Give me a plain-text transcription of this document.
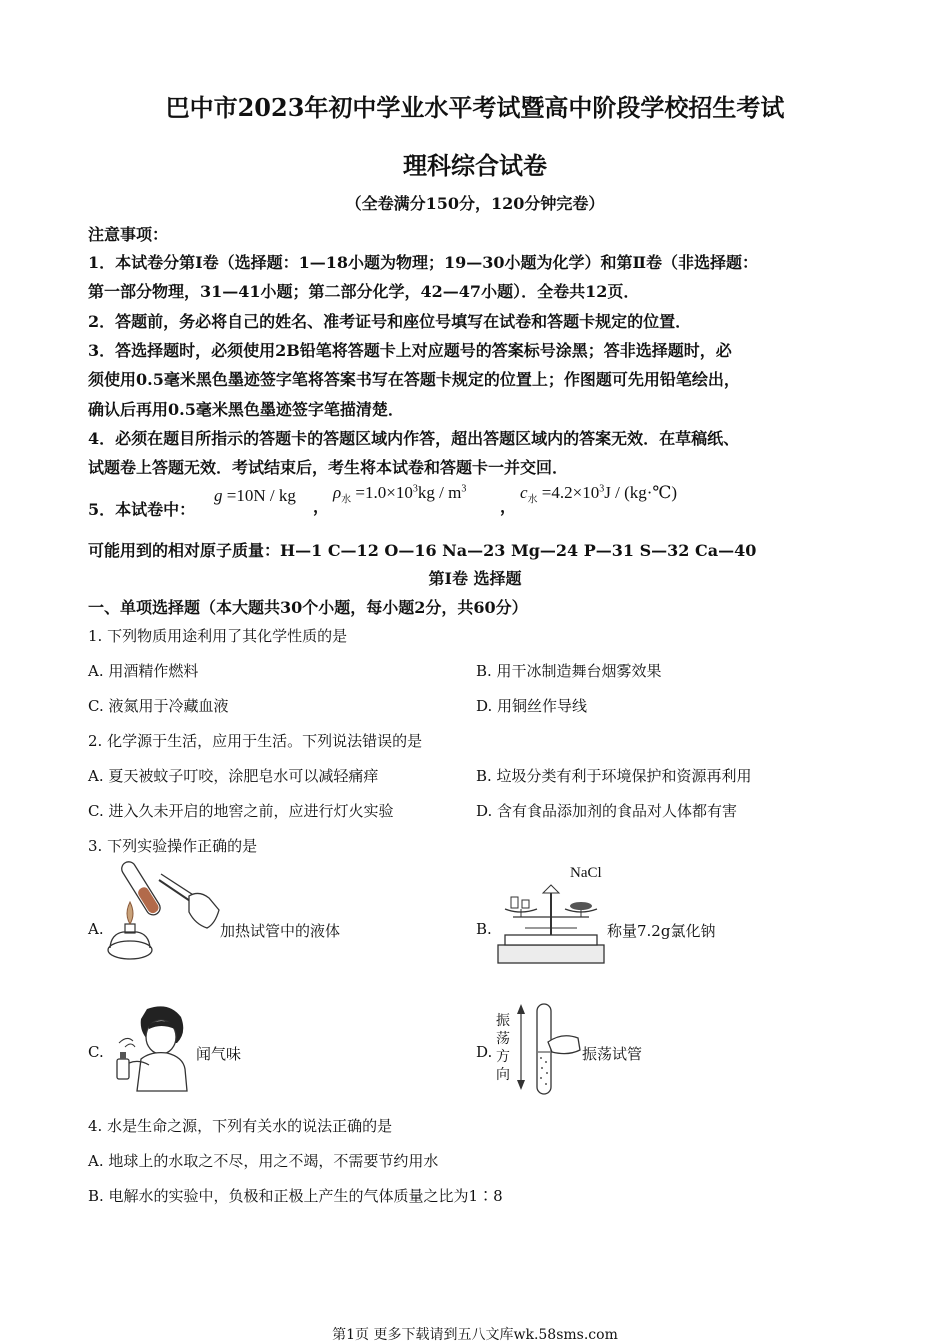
巴中市2023年初中学业水平考试暨高中阶段学校招生考试
理科综合试卷
（全卷满分150分，120分钟完卷）
注意事项：
1．本试卷分第Ⅰ卷（选择题：1—18小题为物理；19—30小题为化学）和第Ⅱ卷（非选择题：
第一部分物理，31—41小题；第二部分化学，42—47小题）．全卷共12页．
2．答题前，务必将自己的姓名、准考证号和座位号填写在试卷和答题卡规定的位置．
3．答选择题时，必须使用2B铅笔将答题卡上对应题号的答案标号涂黑；答非选择题时，必
须使用0.5毫米黑色墨迹签字笔将答案书写在答题卡规定的位置上；作图题可先用铅笔绘出，
确认后再用0.5毫米黑色墨迹签字笔描清楚．
4．必须在题目所指示的答题卡的答题区域内作答，超出答题区域内的答案无效．在草稿纸、
试题卷上答题无效．考试结束后，考生将本试卷和答题卡一并交回．
5．本试卷中：
g =10N / kg
，
$\rho_水 =1.0\times 10^3kg / m^3$
，
$c_水 =4.2\times 10^3J$ / (kg·℃)
可能用到的相对原子质量：H—1 C—12 O—16 Na—23 Mg—24 P—31 S—32 Ca—40
第Ⅰ卷 选择题
一、单项选择题（本大题共30个小题，每小题2分，共60分）
1. 下列物质用途利用了其化学性质的是
A. 用酒精作燃料	B. 用干冰制造舞台烟雾效果
C. 液氮用于冷藏血液	D. 用铜丝作导线
2. 化学源于生活，应用于生活。下列说法错误的是
A. 夏天被蚊子叮咬，涂肥皂水可以减轻痛痒	B. 垃圾分类有利于环境保护和资源再利用
C. 进入久未开启的地窖之前，应进行灯火实验	D. 含有食品添加剂的食品对人体都有害
3. 下列实验操作正确的是
A.	加热试管中的液体	B.
NaCl
称量7.2g氯化钠
C.	闻气味	D.
振
荡
方
向
振荡试管
4. 水是生命之源，下列有关水的说法正确的是
A. 地球上的水取之不尽，用之不竭，不需要节约用水
B. 电解水的实验中，负极和正极上产生的气体质量之比为1∶8
第1页 更多下载请到五八文库wk.58sms.com
